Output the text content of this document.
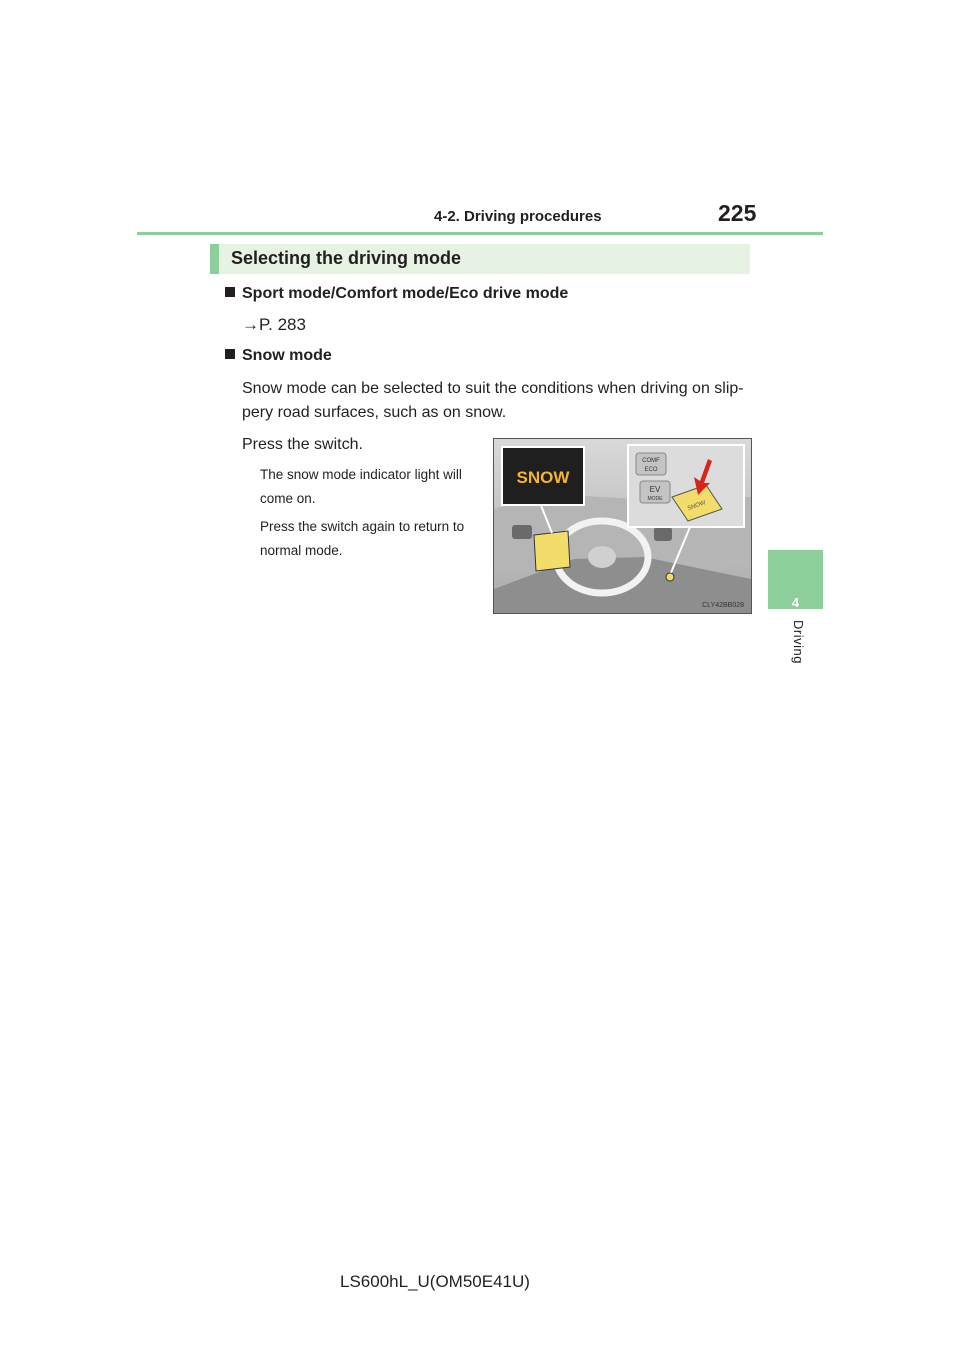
4-2. Driving procedures	225
4
Driving
Selecting the driving mode
Sport mode/Comfort mode/Eco drive mode
→P. 283
Snow mode
Snow mode can be selected to suit the conditions when driving on slip-
pery road surfaces, such as on snow.
Press the switch.
The snow mode indicator light will
come on.
Press the switch again to return to
normal mode.
SNOW
COMF
ECO
EV
MODE
SNOW
CLY42BB028
LS600hL_U(OM50E41U)
